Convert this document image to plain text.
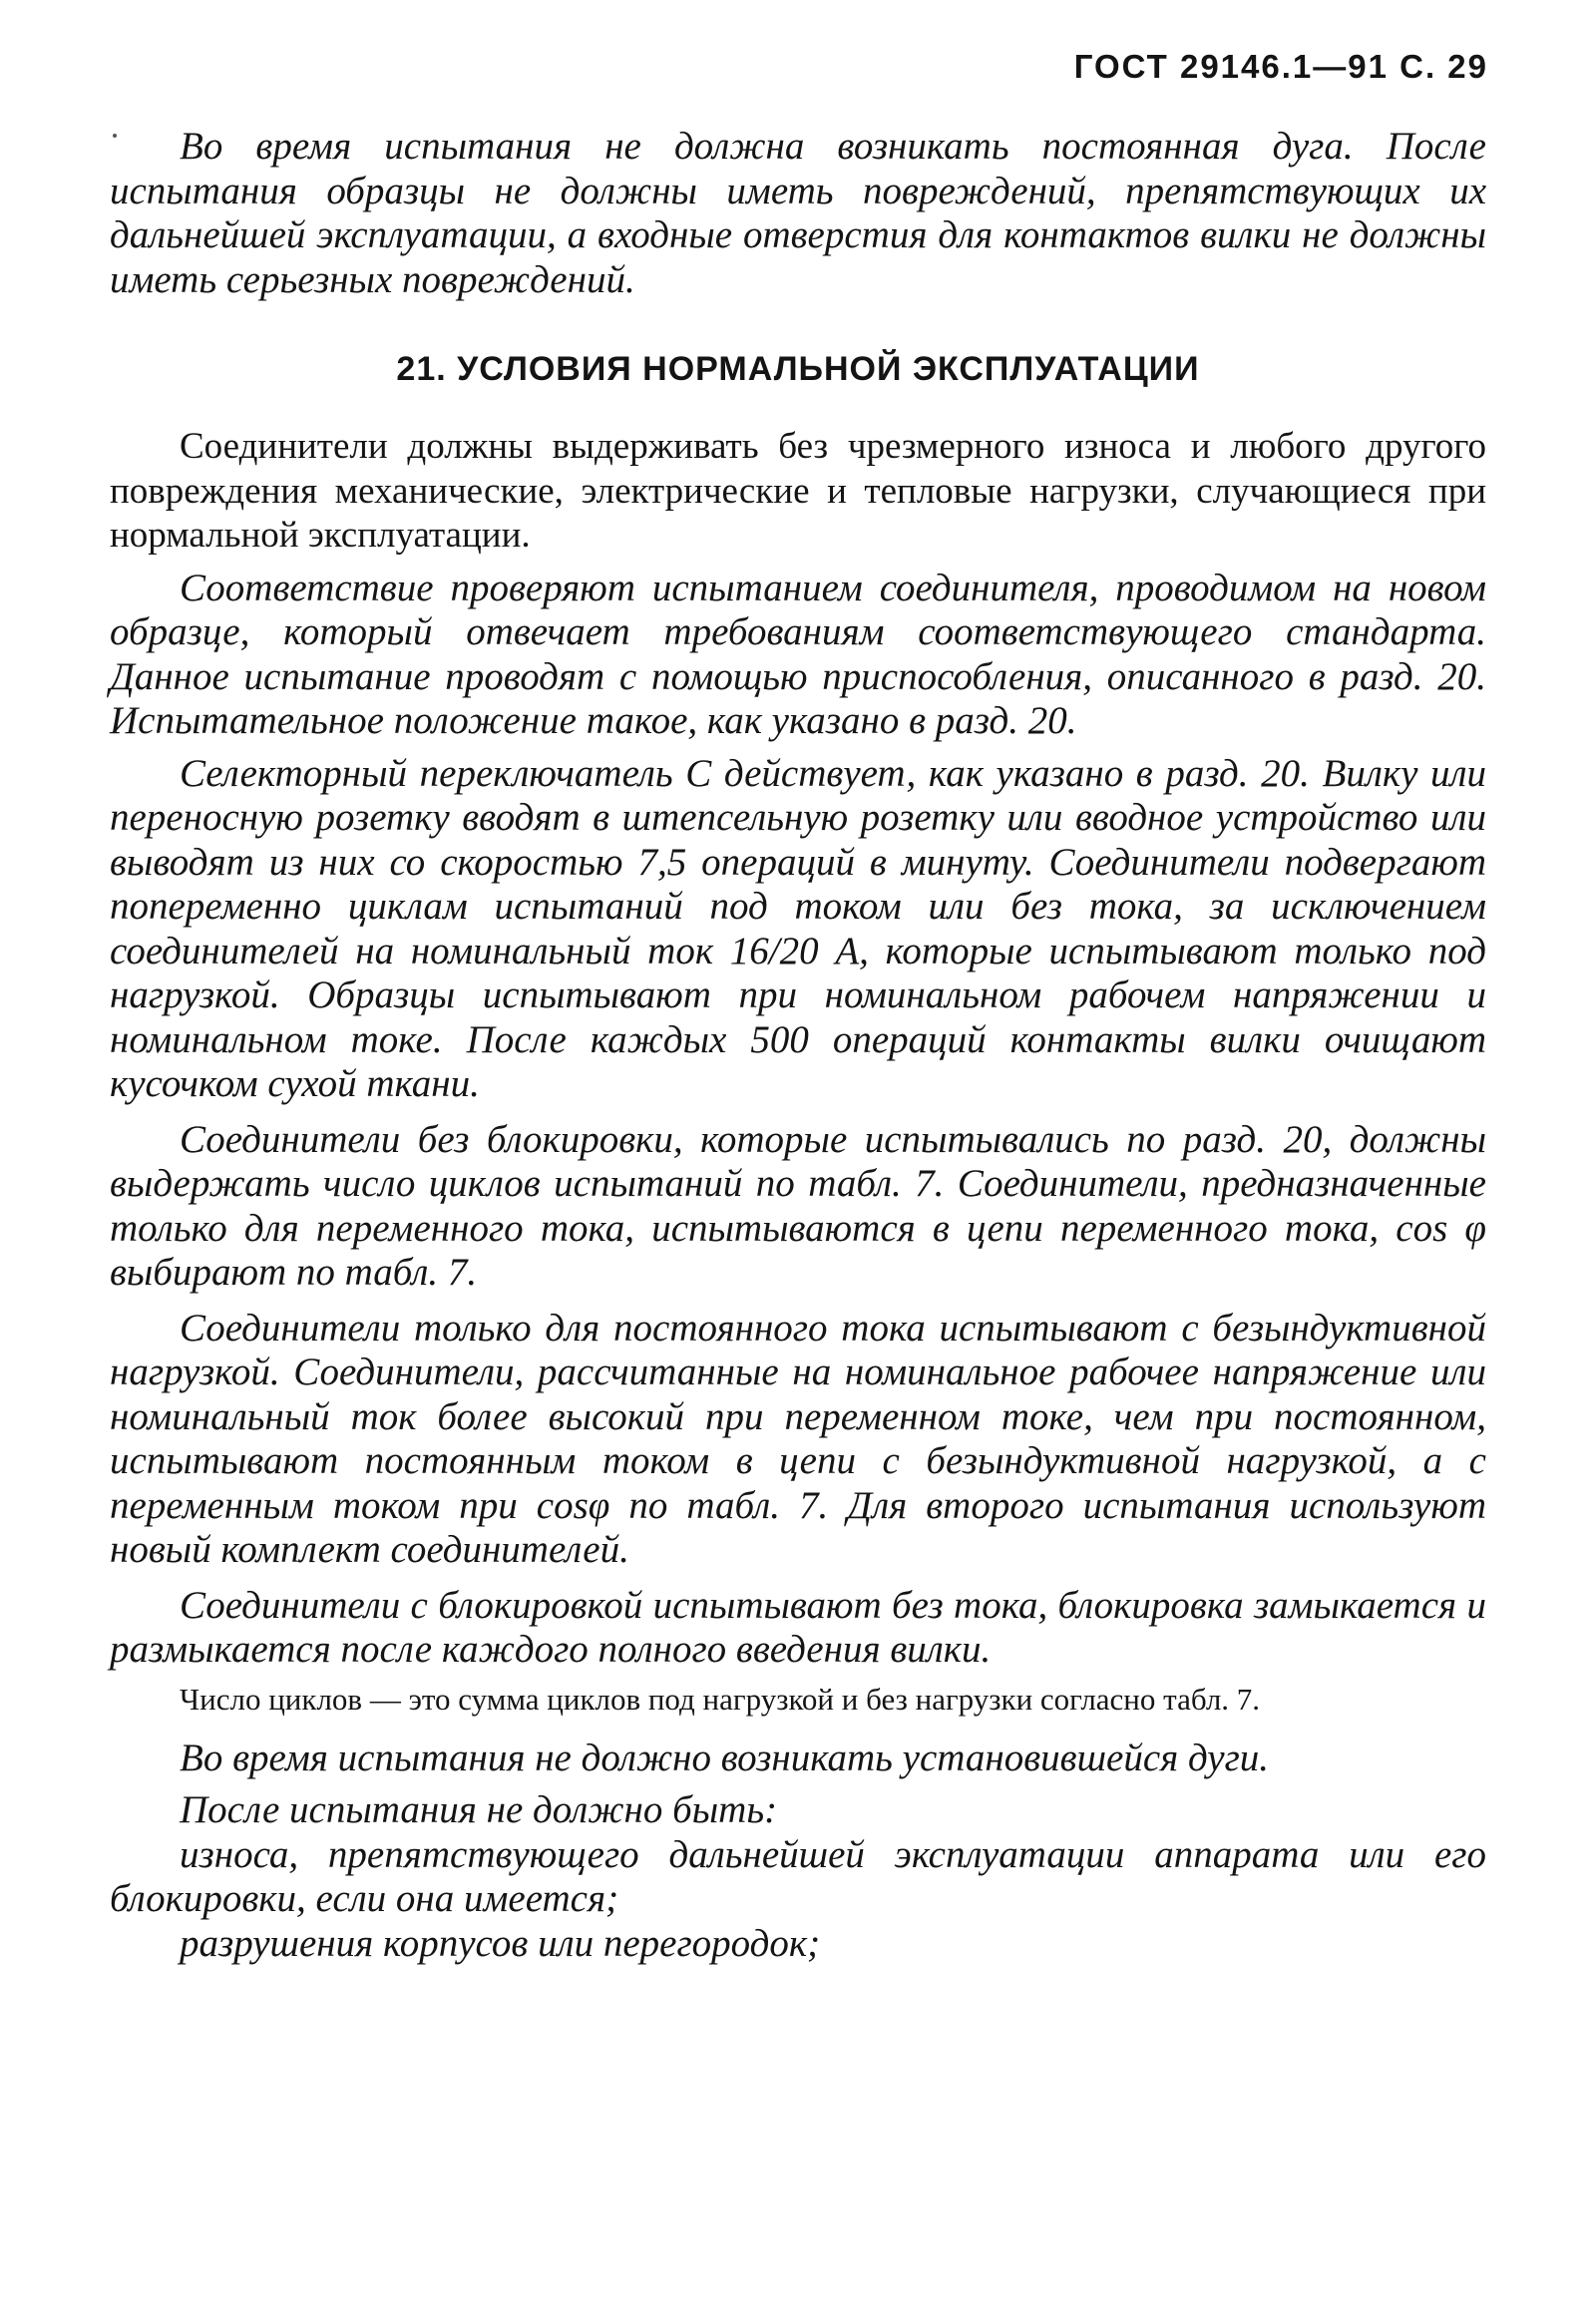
ГОСТ 29146.1—91 С. 29

Во время испытания не должна возникать постоянная дуга. После испытания образцы не должны иметь повреждений, препятствующих их дальнейшей эксплуатации, а входные отверстия для контактов вилки не должны иметь серьезных повреждений.

21. УСЛОВИЯ НОРМАЛЬНОЙ ЭКСПЛУАТАЦИИ

Соединители должны выдерживать без чрезмерного износа и любого другого повреждения механические, электрические и тепловые нагрузки, случающиеся при нормальной эксплуатации.

Соответствие проверяют испытанием соединителя, проводимом на новом образце, который отвечает требованиям соответствующего стандарта. Данное испытание проводят с помощью приспособления, описанного в разд. 20. Испытательное положение такое, как указано в разд. 20.

Селекторный переключатель С действует, как указано в разд. 20. Вилку или переносную розетку вводят в штепсельную розетку или вводное устройство или выводят из них со скоростью 7,5 операций в минуту. Соединители подвергают попеременно циклам испытаний под током или без тока, за исключением соединителей на номинальный ток 16/20 А, которые испытывают только под нагрузкой. Образцы испытывают при номинальном рабочем напряжении и номинальном токе. После каждых 500 операций контакты вилки очищают кусочком сухой ткани.

Соединители без блокировки, которые испытывались по разд. 20, должны выдержать число циклов испытаний по табл. 7. Соединители, предназначенные только для переменного тока, испытываются в цепи переменного тока, cos φ выбирают по табл. 7.

Соединители только для постоянного тока испытывают с безындуктивной нагрузкой. Соединители, рассчитанные на номинальное рабочее напряжение или номинальный ток более высокий при переменном токе, чем при постоянном, испытывают постоянным током в цепи с безындуктивной нагрузкой, а с переменным током при cosφ по табл. 7. Для второго испытания используют новый комплект соединителей.

Соединители с блокировкой испытывают без тока, блокировка замыкается и размыкается после каждого полного введения вилки.

Число циклов — это сумма циклов под нагрузкой и без нагрузки согласно табл. 7.

Во время испытания не должно возникать установившейся дуги.

После испытания не должно быть:

износа, препятствующего дальнейшей эксплуатации аппарата или его блокировки, если она имеется;

разрушения корпусов или перегородок;
